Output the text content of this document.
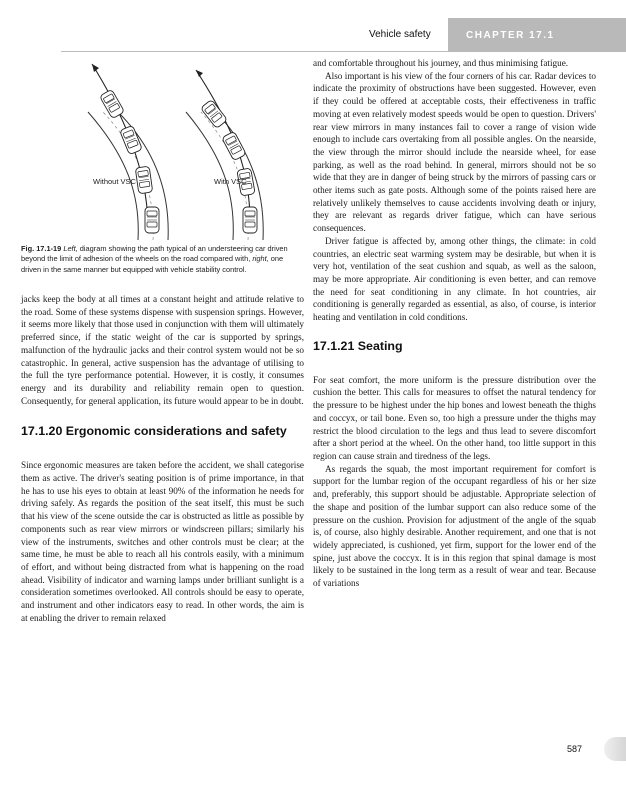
Vehicle safety	CHAPTER 17.1
Without VSC	With VSC
Fig. 17.1-19 Left, diagram showing the path typical of an understeering car driven beyond the limit of adhesion of the wheels on the road compared with, right, one driven in the same manner but equipped with vehicle stability control.

jacks keep the body at all times at a constant height and attitude relative to the road. Some of these systems dispense with suspension springs. However, it seems more likely that those used in conjunction with them will ultimately preferred since, if the static weight of the car is supported by springs, malfunction of the hydraulic jacks and their control system would not be so catastrophic. In general, active suspension has the advantage of utilising to the full the tyre performance potential. However, it is costly, it consumes energy and its durability and reliability remain open to question. Consequently, for general application, its future would appear to be in doubt.

17.1.20 Ergonomic considerations and safety

Since ergonomic measures are taken before the accident, we shall categorise them as active. The driver's seating position is of prime importance, in that he has to use his eyes to obtain at least 90% of the information he needs for driving safely. As regards the position of the seat itself, this must be such that his view of the scene outside the car is obstructed as little as possible by components such as rear view mirrors or windscreen pillars; similarly his view of the instruments, switches and other controls must be clear; at the same time, he must be able to reach all his controls easily, with a minimum of effort, and without being distracted from what is happening on the road ahead. Visibility of indicator and warning lamps under brilliant sunlight is a consideration sometimes overlooked. All controls should be easy to operate, and instrument and other indicators easy to read. In other words, the aim is at enabling the driver to remain relaxed

and comfortable throughout his journey, and thus minimising fatigue.

Also important is his view of the four corners of his car. Radar devices to indicate the proximity of obstructions have been suggested. However, even if they could be offered at acceptable costs, their effectiveness in traffic moving at even relatively modest speeds would be open to question. Drivers' rear view mirrors in many instances fail to cover a range of vision wide enough to include cars overtaking from all possible angles. On the nearside, the view through the mirror should include the nearside wheel, for ease parking, as well as the road behind. In general, mirrors should not be so wide that they are in danger of being struck by the mirrors of passing cars or other items such as gate posts. Although some of the points raised here are relatively unlikely themselves to cause accidents involving death or injury, they are relevant as regards driver fatigue, which can have serious consequences.

Driver fatigue is affected by, among other things, the climate: in cold countries, an electric seat warming system may be desirable, but when it is very hot, ventilation of the seat cushion and squab, as well as the saloon, may be more appropriate. Air conditioning is even better, and can remove the need for seat conditioning in any climate. In hot countries, air conditioning is generally regarded as essential, as also, of course, is interior heating and ventilation in cold conditions.

17.1.21 Seating

For seat comfort, the more uniform is the pressure distribution over the cushion the better. This calls for measures to offset the natural tendency for the pressure to be highest under the hip bones and lowest beneath the thighs and coccyx, or tail bone. Even so, too high a pressure under the thighs may restrict the blood circulation to the legs and thus lead to severe discomfort after a short period at the wheel. On the other hand, too little support in this region can cause strain and tiredness of the legs.

As regards the squab, the most important requirement for comfort is support for the lumbar region of the occupant regardless of his or her size and, preferably, this support should be adjustable. Appropriate selection of the shape and position of the lumbar support can also reduce some of the pressure on the cushion. Provision for adjustment of the angle of the squab is, of course, also highly desirable. Another requirement, and one that is not widely appreciated, is cushioned, yet firm, support for the lower end of the spine, just above the coccyx. It is in this region that spinal damage is most likely to be sustained in the long term as a result of wear and tear. Because of variations

587
